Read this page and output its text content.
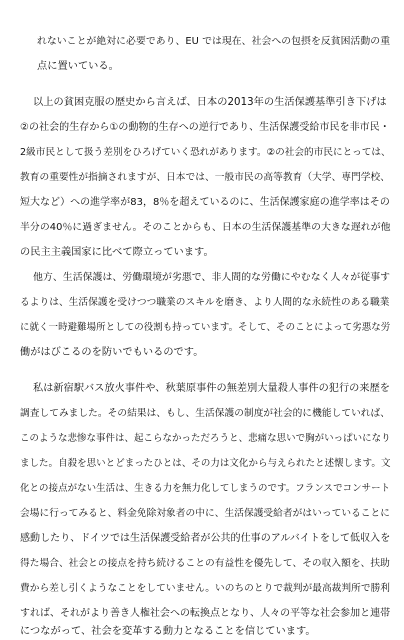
れないことが絶対に必要であり、EU では現在、社会への包摂を反貧困活動の重
点に置いている。
以上の貧困克服の歴史から言えば、日本の2013年の生活保護基準引き下げは
②の社会的生存から①の動物的生存への逆行であり、生活保護受給市民を非市民・
2級市民として扱う差別をひろげていく恐れがあります。②の社会的市民にとっては、
教育の重要性が指摘されますが、日本では、一般市民の高等教育（大学、専門学校、
短大など）への進学率が83，8％を超えているのに、生活保護家庭の進学率はその
半分の40％に過ぎません。そのことからも、日本の生活保護基準の大きな遅れが他
の民主主義国家に比べて際立っています。
他方、生活保護は、労働環境が劣悪で、非人間的な労働にやむなく人々が従事す
るよりは、生活保護を受けつつ職業のスキルを磨き、より人間的な永続性のある職業
に就く一時避難場所としての役割も持っています。そして、そのことによって劣悪な労
働がはびこるのを防いでもいるのです。
私は新宿駅バス放火事件や、秋葉原事件の無差別大量殺人事件の犯行の来歴を
調査してみました。その結果は、もし、生活保護の制度が社会的に機能していれば、
このような悲惨な事件は、起こらなかっただろうと、悲痛な思いで胸がいっぱいになり
ました。自殺を思いとどまったひとは、その力は文化から与えられたと述懐します。文
化との接点がない生活は、生きる力を無力化してしまうのです。フランスでコンサート
会場に行ってみると、料金免除対象者の中に、生活保護受給者がはいっていることに
感動したり、ドイツでは生活保護受給者が公共的仕事のアルバイトをして低収入を
得た場合、社会との接点を持ち続けることの有益性を優先して、その収入額を、扶助
費から差し引くようなことをしていません。いのちのとりで裁判が最高裁判所で勝利
すれば、それがより善き人権社会への転換点となり、人々の平等な社会参加と連帯
につながって、社会を変革する動力となることを信じています。
